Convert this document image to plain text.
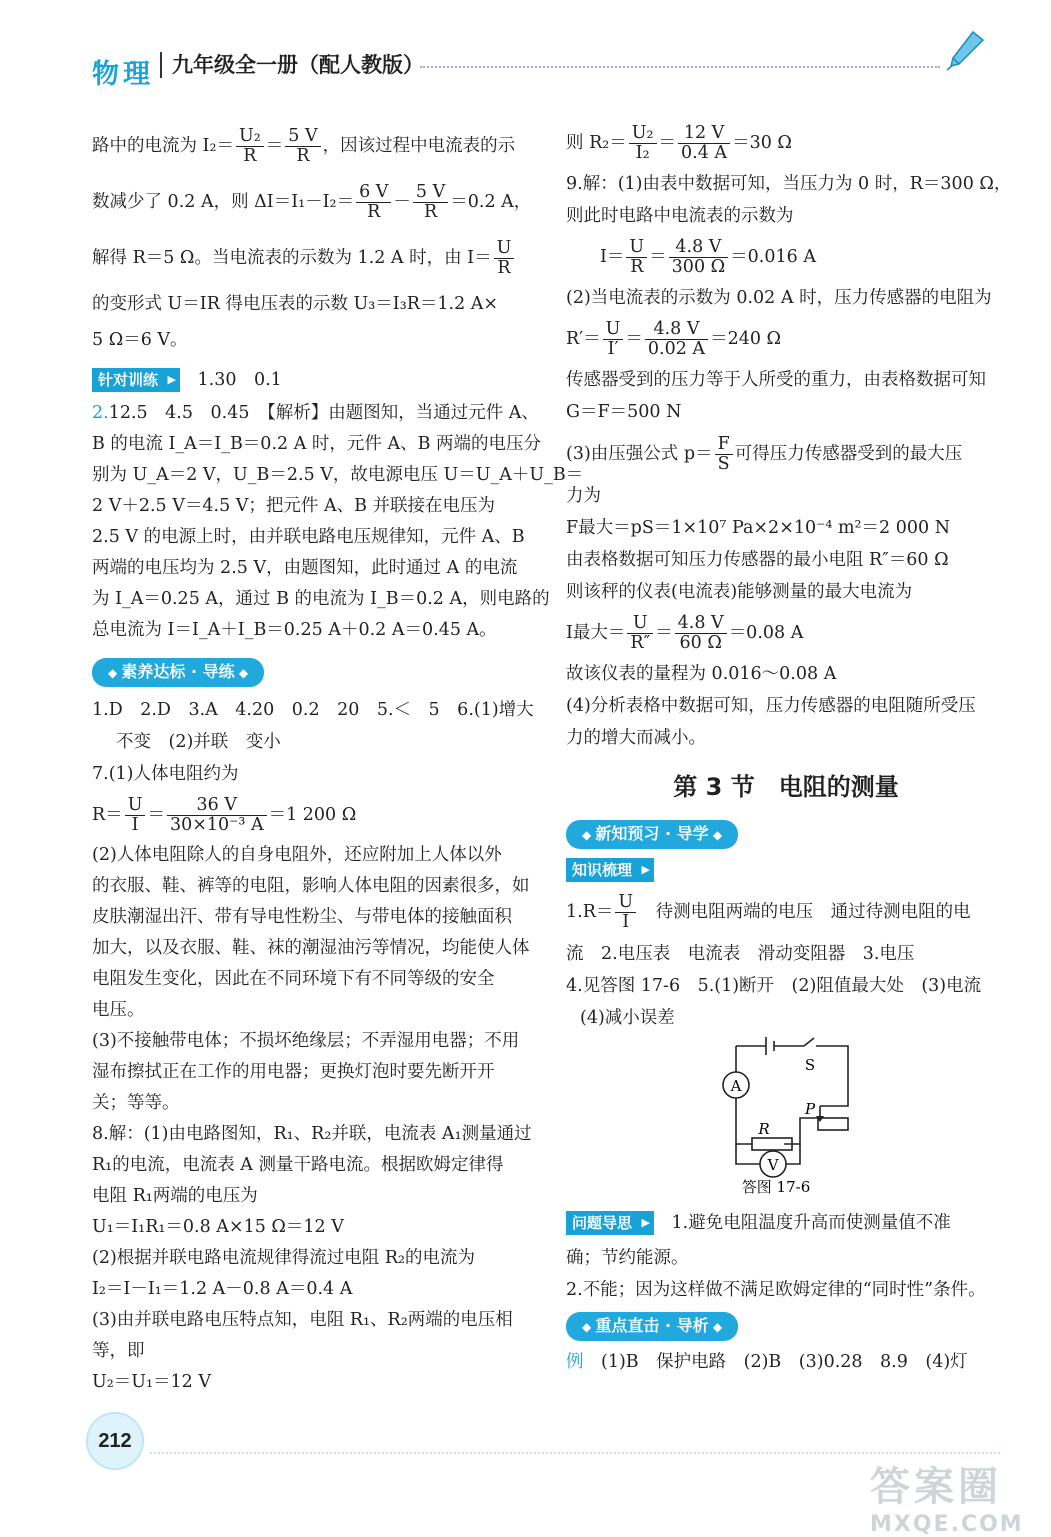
物理 九年级全一册（配人教版）

路中的电流为 $I_2= \frac{\text{U₂}}{R} = \frac{5 V}{R}$ ，因该过程中电流表的示

数减少了 0.2 A，则 $\Delta I=I_1-I_2= \frac{6 V}{R} - \frac{5 V}{R} =0.2$ A，

解得 R＝5 Ω。当电流表的示数为 1.2 A 时，由 $I= \frac{U}{R}$

的变形式 U＝IR 得电压表的示数 U₃＝I₃R＝1.2 A×

5 Ω＝6 V。

针对训练 ▶　 1.30　0.1

2.12.5　4.5　0.45　【解析】由题图知，当通过元件 A、

B 的电流 I_A＝I_B＝0.2 A 时，元件 A、B 两端的电压分

别为 U_A＝2 V，U_B＝2.5 V，故电源电压 U＝U_A＋U_B＝

2 V＋2.5 V＝4.5 V；把元件 A、B 并联接在电压为

2.5 V 的电源上时，由并联电路电压规律知，元件 A、B

两端的电压均为 2.5 V，由题图知，此时通过 A 的电流

为 I_A＝0.25 A，通过 B 的电流为 I_B＝0.2 A，则电路的

总电流为 I＝I_A＋I_B＝0.25 A＋0.2 A＝0.45 A。

◆ 素养达标 · 导练 ◆

1.D　2.D　3.A　4.20　0.2　20　5.＜　5　6.(1)增大

不变　(2)并联　变小

7.(1)人体电阻约为

$R= \frac{U}{I} = \frac{36 V}{\text{30×10⁻³ A}} =1$ 200 Ω

(2)人体电阻除人的自身电阻外，还应附加上人体以外

的衣服、鞋、裤等的电阻，影响人体电阻的因素很多，如

皮肤潮湿出汗、带有导电性粉尘、与带电体的接触面积

加大，以及衣服、鞋、袜的潮湿油污等情况，均能使人体

电阻发生变化，因此在不同环境下有不同等级的安全

电压。

(3)不接触带电体；不损坏绝缘层；不弄湿用电器；不用

湿布擦拭正在工作的用电器；更换灯泡时要先断开开

关；等等。

8.解：(1)由电路图知，R₁、R₂并联，电流表 A₁测量通过

R₁的电流，电流表 A 测量干路电流。根据欧姆定律得

电阻 R₁两端的电压为

U₁＝I₁R₁＝0.8 A×15 Ω＝12 V

(2)根据并联电路电流规律得流过电阻 R₂的电流为

I₂＝I－I₁＝1.2 A－0.8 A＝0.4 A

(3)由并联电路电压特点知，电阻 R₁、R₂两端的电压相

等，即

U₂＝U₁＝12 V

则 $R_2= \frac{\text{U₂}}{\text{I₂}} = \frac{12 V}{0.4 A} =30$ Ω

9.解：(1)由表中数据可知，当压力为 0 时，R＝300 Ω，

则此时电路中电流表的示数为

$I= \frac{U}{R} = \frac{4.8 V}{300 \Omega} =0.016$ A

(2)当电流表的示数为 0.02 A 时，压力传感器的电阻为

$R'= \frac{U}{I'} = \frac{4.8 V}{0.02 A} =240$ Ω

传感器受到的压力等于人所受的重力，由表格数据可知

G＝F＝500 N

(3)由压强公式 $p= \frac{F}{S}$ 可得压力传感器受到的最大压

力为

F最大＝pS＝1×10⁷ Pa×2×10⁻⁴ m²＝2 000 N

由表格数据可知压力传感器的最小电阻 R″＝60 Ω

则该秤的仪表(电流表)能够测量的最大电流为

I最大＝ $\frac{U}{R''} = \frac{4.8 V}{60 \Omega} =0.08$ A

故该仪表的量程为 0.016～0.08 A

(4)分析表格中数据可知，压力传感器的电阻随所受压

力的增大而减小。

第 3 节　电阻的测量

◆ 新知预习 · 导学 ◆

知识梳理 ▶

$1.R= \frac{U}{I}$ 　待测电阻两端的电压　通过待测电阻的电

流　2.电压表　电流表　滑动变阻器　3.电压

4.见答图 17-6　5.(1)断开　(2)阻值最大处　(3)电流

(4)减小误差

A
V
S
R
P
答图 17-6

问题导思 ▶　 1.避免电阻温度升高而使测量值不准

确；节约能源。

2.不能；因为这样做不满足欧姆定律的“同时性”条件。

◆ 重点直击 · 导析 ◆

例　 (1)B　保护电路　(2)B　(3)0.28　8.9　(4)灯

212
答案圈
MXQE.COM
